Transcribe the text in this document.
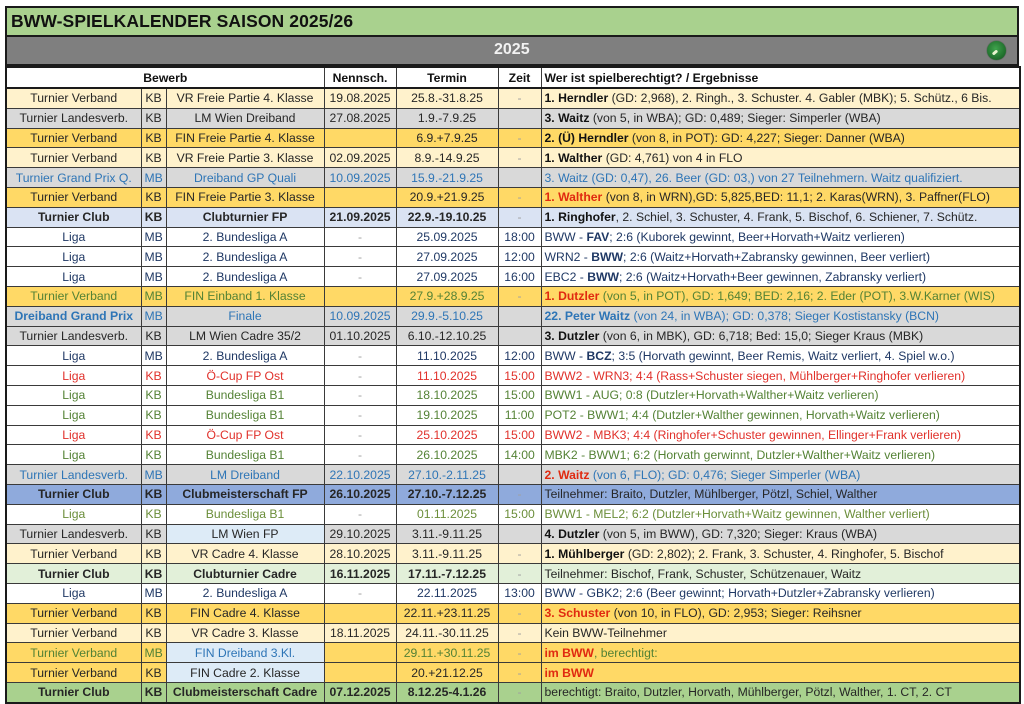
BWW-SPIELKALENDER SAISON 2025/26
2025
Bewerb			Nennsch.	Termin	Zeit	Wer ist spielberechtigt? / Ergebnisse
Turnier Verband	KB	VR Freie Partie 4. Klasse	19.08.2025	25.8.-31.8.25	-	1. Herndler (GD: 2,968), 2. Ringh., 3. Schuster. 4. Gabler (MBK); 5. Schütz., 6 Bis.
Turnier Landesverb.	KB	LM Wien Dreiband	27.08.2025	1.9.-7.9.25		3. Waitz (von 5, in WBA); GD: 0,489; Sieger: Simperler (WBA)
Turnier Verband	KB	FIN Freie Partie 4. Klasse		6.9.+7.9.25	-	2. (Ü) Herndler (von 8, in POT): GD: 4,227; Sieger: Danner (WBA)
Turnier Verband	KB	VR Freie Partie 3. Klasse	02.09.2025	8.9.-14.9.25	-	1. Walther (GD: 4,761) von 4 in FLO
Turnier Grand Prix Q.	MB	Dreiband GP Quali	10.09.2025	15.9.-21.9.25		3. Waitz (GD: 0,47), 26. Beer (GD: 03,) von 27 Teilnehmern. Waitz qualifiziert.
Turnier Verband	KB	FIN Freie Partie 3. Klasse		20.9.+21.9.25	-	1. Walther (von 8, in WRN),GD: 5,825,BED: 11,1; 2. Karas(WRN), 3. Paffner(FLO)
Turnier Club	KB	Clubturnier FP	21.09.2025	22.9.-19.10.25	-	1. Ringhofer, 2. Schiel, 3. Schuster, 4. Frank, 5. Bischof, 6. Schiener, 7. Schütz.
Liga	MB	2. Bundesliga A	-	25.09.2025	18:00	BWW - FAV; 2:6 (Kuborek gewinnt, Beer+Horvath+Waitz verlieren)
Liga	MB	2. Bundesliga A	-	27.09.2025	12:00	WRN2 - BWW; 2:6 (Waitz+Horvath+Zabransky gewinnen, Beer verliert)
Liga	MB	2. Bundesliga A	-	27.09.2025	16:00	EBC2 - BWW; 2:6 (Waitz+Horvath+Beer gewinnen, Zabransky verliert)
Turnier Verband	MB	FIN Einband 1. Klasse		27.9.+28.9.25	-	1. Dutzler (von 5, in POT), GD: 1,649; BED: 2,16; 2. Eder (POT), 3.W.Karner (WIS)
Dreiband Grand Prix	MB	Finale	10.09.2025	29.9.-5.10.25		22. Peter Waitz (von 24, in WBA); GD: 0,378; Sieger Kostistansky (BCN)
Turnier Landesverb.	KB	LM Wien Cadre 35/2	01.10.2025	6.10.-12.10.25		3. Dutzler (von 6, in MBK), GD: 6,718; Bed: 15,0; Sieger Kraus (MBK)
Liga	MB	2. Bundesliga A	-	11.10.2025	12:00	BWW - BCZ; 3:5 (Horvath gewinnt, Beer Remis, Waitz verliert, 4. Spiel w.o.)
Liga	KB	Ö-Cup FP Ost	-	11.10.2025	15:00	BWW2 - WRN3; 4:4 (Rass+Schuster siegen, Mühlberger+Ringhofer verlieren)
Liga	KB	Bundesliga B1	-	18.10.2025	15:00	BWW1 - AUG; 0:8 (Dutzler+Horvath+Walther+Waitz verlieren)
Liga	KB	Bundesliga B1	-	19.10.2025	11:00	POT2 - BWW1; 4:4 (Dutzler+Walther gewinnen, Horvath+Waitz verlieren)
Liga	KB	Ö-Cup FP Ost	-	25.10.2025	15:00	BWW2 - MBK3; 4:4 (Ringhofer+Schuster gewinnen, Ellinger+Frank verlieren)
Liga	KB	Bundesliga B1	-	26.10.2025	14:00	MBK2 - BWW1; 6:2 (Horvath gerwinnt, Dutzler+Walther+Waitz verlieren)
Turnier Landesverb.	MB	LM Dreiband	22.10.2025	27.10.-2.11.25		2. Waitz (von 6, FLO); GD: 0,476; Sieger Simperler (WBA)
Turnier Club	KB	Clubmeisterschaft FP	26.10.2025	27.10.-7.12.25	-	Teilnehmer: Braito, Dutzler, Mühlberger, Pötzl, Schiel, Walther
Liga	KB	Bundesliga B1	-	01.11.2025	15:00	BWW1 - MEL2; 6:2 (Dutzler+Horvath+Waitz gewinnen, Walther verliert)
Turnier Landesverb.	KB	LM Wien FP	29.10.2025	3.11.-9.11.25		4. Dutzler (von 5, im BWW), GD: 7,320; Sieger: Kraus (WBA)
Turnier Verband	KB	VR Cadre 4. Klasse	28.10.2025	3.11.-9.11.25	-	1. Mühlberger (GD: 2,802); 2. Frank, 3. Schuster, 4. Ringhofer, 5. Bischof
Turnier Club	KB	Clubturnier Cadre	16.11.2025	17.11.-7.12.25	-	Teilnehmer: Bischof, Frank, Schuster, Schützenauer, Waitz
Liga	MB	2. Bundesliga A	-	22.11.2025	13:00	BWW - GBK2; 2:6 (Beer gewinnt; Horvath+Dutzler+Zabransky verlieren)
Turnier Verband	KB	FIN Cadre 4. Klasse		22.11.+23.11.25	-	3. Schuster (von 10, in FLO), GD: 2,953; Sieger: Reihsner
Turnier Verband	KB	VR Cadre 3. Klasse	18.11.2025	24.11.-30.11.25	-	Kein BWW-Teilnehmer
Turnier Verband	MB	FIN Dreiband 3.Kl.		29.11.+30.11.25	-	im BWW, berechtigt:
Turnier Verband	KB	FIN Cadre 2. Klasse		20.+21.12.25	-	im BWW
Turnier Club	KB	Clubmeisterschaft Cadre	07.12.2025	8.12.25-4.1.26	-	berechtigt: Braito, Dutzler, Horvath, Mühlberger, Pötzl, Walther, 1. CT, 2. CT
